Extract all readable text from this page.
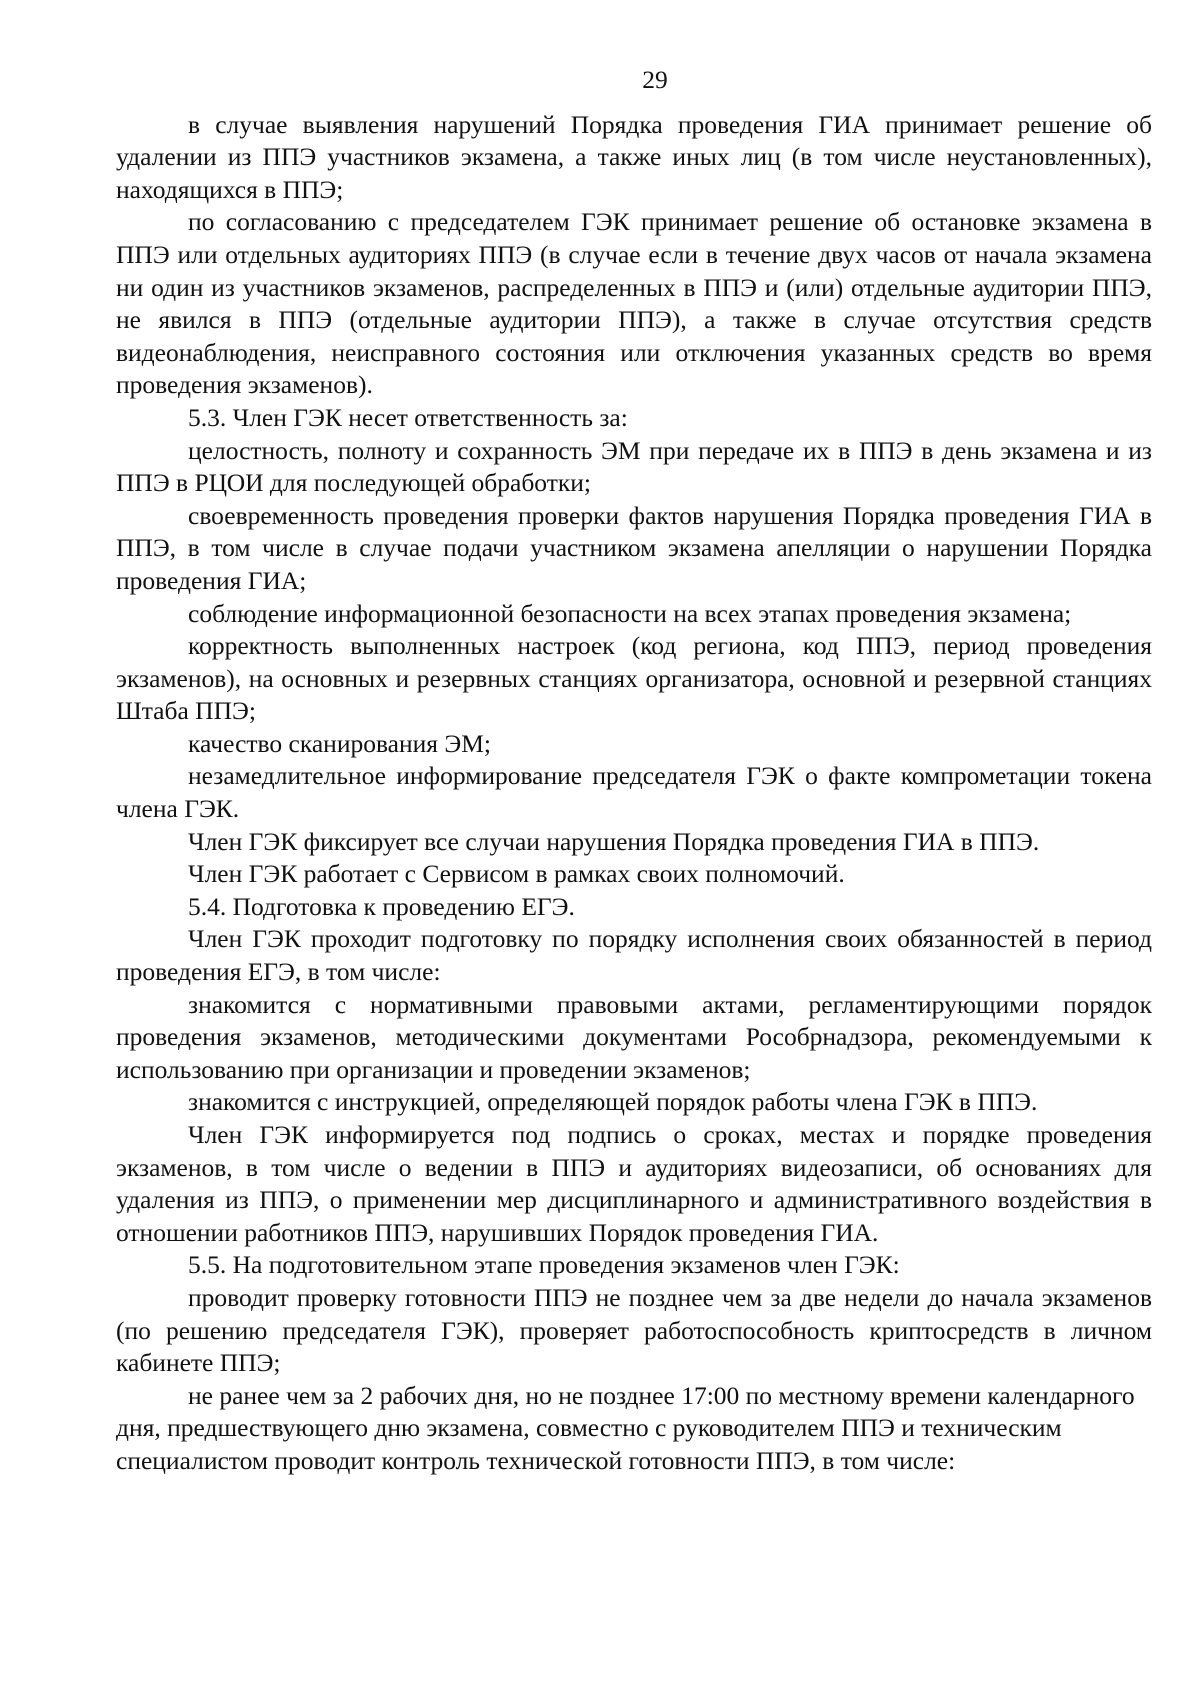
29

в случае выявления нарушений Порядка проведения ГИА принимает решение об удалении из ППЭ участников экзамена, а также иных лиц (в том числе неустановленных), находящихся в ППЭ;

по согласованию с председателем ГЭК принимает решение об остановке экзамена в ППЭ или отдельных аудиториях ППЭ (в случае если в течение двух часов от начала экзамена ни один из участников экзаменов, распределенных в ППЭ и (или) отдельные аудитории ППЭ, не явился в ППЭ (отдельные аудитории ППЭ), а также в случае отсутствия средств видеонаблюдения, неисправного состояния или отключения указанных средств во время проведения экзаменов).

5.3. Член ГЭК несет ответственность за:

целостность, полноту и сохранность ЭМ при передаче их в ППЭ в день экзамена и из ППЭ в РЦОИ для последующей обработки;

своевременность проведения проверки фактов нарушения Порядка проведения ГИА в ППЭ, в том числе в случае подачи участником экзамена апелляции о нарушении Порядка проведения ГИА;

соблюдение информационной безопасности на всех этапах проведения экзамена;

корректность выполненных настроек (код региона, код ППЭ, период проведения экзаменов), на основных и резервных станциях организатора, основной и резервной станциях Штаба ППЭ;

качество сканирования ЭМ;

незамедлительное информирование председателя ГЭК о факте компрометации токена члена ГЭК.

Член ГЭК фиксирует все случаи нарушения Порядка проведения ГИА в ППЭ.

Член ГЭК работает с Сервисом в рамках своих полномочий.

5.4. Подготовка к проведению ЕГЭ.

Член ГЭК проходит подготовку по порядку исполнения своих обязанностей в период проведения ЕГЭ, в том числе:

знакомится с нормативными правовыми актами, регламентирующими порядок проведения экзаменов, методическими документами Рособрнадзора, рекомендуемыми к использованию при организации и проведении экзаменов;

знакомится с инструкцией, определяющей порядок работы члена ГЭК в ППЭ.

Член ГЭК информируется под подпись о сроках, местах и порядке проведения экзаменов, в том числе о ведении в ППЭ и аудиториях видеозаписи, об основаниях для удаления из ППЭ, о применении мер дисциплинарного и административного воздействия в отношении работников ППЭ, нарушивших Порядок проведения ГИА.

5.5. На подготовительном этапе проведения экзаменов член ГЭК:

проводит проверку готовности ППЭ не позднее чем за две недели до начала экзаменов (по решению председателя ГЭК), проверяет работоспособность криптосредств в личном кабинете ППЭ;

не ранее чем за 2 рабочих дня, но не позднее 17:00 по местному времени календарного дня, предшествующего дню экзамена, совместно с руководителем ППЭ и техническим специалистом проводит контроль технической готовности ППЭ, в том числе:
